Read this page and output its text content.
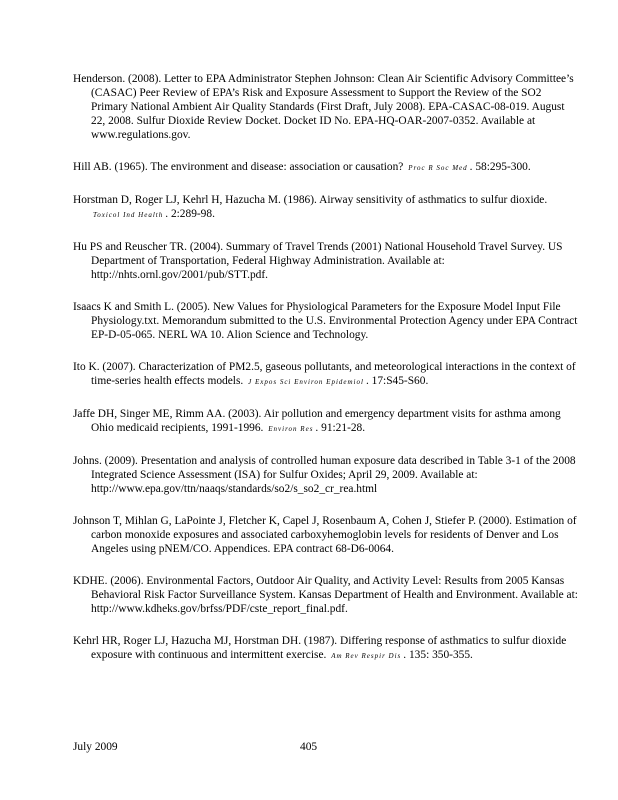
Henderson. (2008). Letter to EPA Administrator Stephen Johnson: Clean Air Scientific Advisory Committee’s (CASAC) Peer Review of EPA’s Risk and Exposure Assessment to Support the Review of the SO2 Primary National Ambient Air Quality Standards (First Draft, July 2008). EPA-CASAC-08-019. August 22, 2008. Sulfur Dioxide Review Docket. Docket ID No. EPA-HQ-OAR-2007-0352. Available at www.regulations.gov.

Hill AB. (1965). The environment and disease: association or causation? Proc R Soc Med . 58:295-300.

Horstman D, Roger LJ, Kehrl H, Hazucha M. (1986). Airway sensitivity of asthmatics to sulfur dioxide. Toxicol Ind Health . 2:289-98.

Hu PS and Reuscher TR. (2004). Summary of Travel Trends (2001) National Household Travel Survey. US Department of Transportation, Federal Highway Administration. Available at: http://nhts.ornl.gov/2001/pub/STT.pdf.

Isaacs K and Smith L. (2005). New Values for Physiological Parameters for the Exposure Model Input File Physiology.txt. Memorandum submitted to the U.S. Environmental Protection Agency under EPA Contract EP-D-05-065. NERL WA 10. Alion Science and Technology.

Ito K. (2007). Characterization of PM2.5, gaseous pollutants, and meteorological interactions in the context of time-series health effects models. J Expos Sci Environ Epidemiol . 17:S45-S60.

Jaffe DH, Singer ME, Rimm AA. (2003). Air pollution and emergency department visits for asthma among Ohio medicaid recipients, 1991-1996. Environ Res . 91:21-28.

Johns. (2009). Presentation and analysis of controlled human exposure data described in Table 3-1 of the 2008 Integrated Science Assessment (ISA) for Sulfur Oxides; April 29, 2009. Available at: http://www.epa.gov/ttn/naaqs/standards/so2/s_so2_cr_rea.html

Johnson T, Mihlan G, LaPointe J, Fletcher K, Capel J, Rosenbaum A, Cohen J, Stiefer P. (2000). Estimation of carbon monoxide exposures and associated carboxyhemoglobin levels for residents of Denver and Los Angeles using pNEM/CO. Appendices. EPA contract 68-D6-0064.

KDHE. (2006). Environmental Factors, Outdoor Air Quality, and Activity Level: Results from 2005 Kansas Behavioral Risk Factor Surveillance System. Kansas Department of Health and Environment. Available at: http://www.kdheks.gov/brfss/PDF/cste_report_final.pdf.

Kehrl HR, Roger LJ, Hazucha MJ, Horstman DH. (1987). Differing response of asthmatics to sulfur dioxide exposure with continuous and intermittent exercise. Am Rev Respir Dis . 135: 350-355.

July 2009	405
